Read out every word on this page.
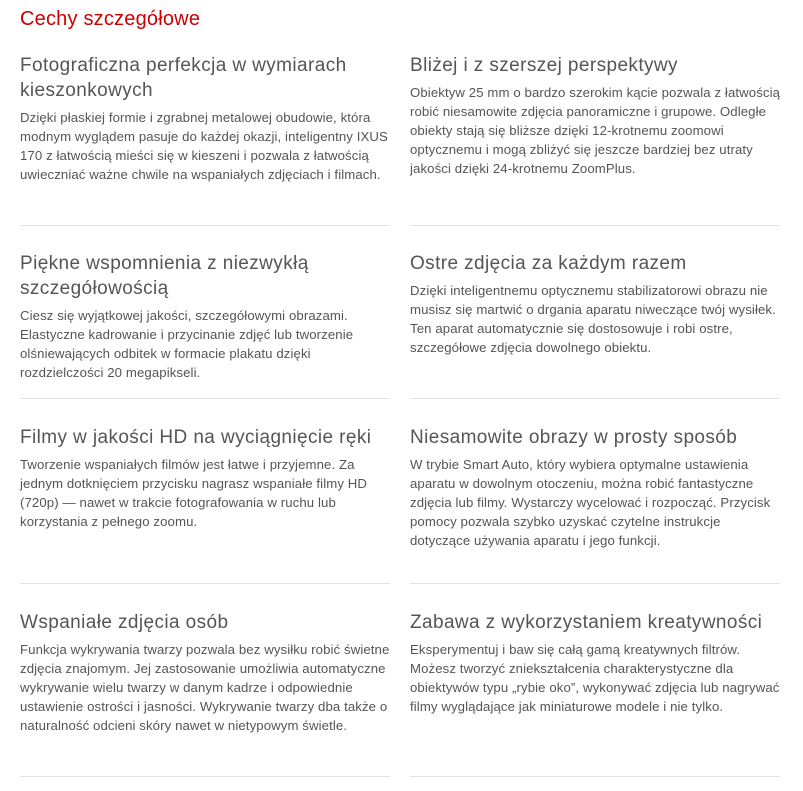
Cechy szczegółowe
Fotograficzna perfekcja w wymiarach kieszonkowych

Dzięki płaskiej formie i zgrabnej metalowej obudowie, która modnym wyglądem pasuje do każdej okazji, inteligentny IXUS 170 z łatwością mieści się w kieszeni i pozwala z łatwością uwieczniać ważne chwile na wspaniałych zdjęciach i filmach.

Bliżej i z szerszej perspektywy

Obiektyw 25 mm o bardzo szerokim kącie pozwala z łatwością robić niesamowite zdjęcia panoramiczne i grupowe. Odległe obiekty stają się bliższe dzięki 12-krotnemu zoomowi optycznemu i mogą zbliżyć się jeszcze bardziej bez utraty jakości dzięki 24-krotnemu ZoomPlus.

Piękne wspomnienia z niezwykłą szczegółowością

Ciesz się wyjątkowej jakości, szczegółowymi obrazami. Elastyczne kadrowanie i przycinanie zdjęć lub tworzenie olśniewających odbitek w formacie plakatu dzięki rozdzielczości 20 megapikseli.

Ostre zdjęcia za każdym razem

Dzięki inteligentnemu optycznemu stabilizatorowi obrazu nie musisz się martwić o drgania aparatu niweczące twój wysiłek. Ten aparat automatycznie się dostosowuje i robi ostre, szczegółowe zdjęcia dowolnego obiektu.

Filmy w jakości HD na wyciągnięcie ręki

Tworzenie wspaniałych filmów jest łatwe i przyjemne. Za jednym dotknięciem przycisku nagrasz wspaniałe filmy HD (720p) — nawet w trakcie fotografowania w ruchu lub korzystania z pełnego zoomu.

Niesamowite obrazy w prosty sposób

W trybie Smart Auto, który wybiera optymalne ustawienia aparatu w dowolnym otoczeniu, można robić fantastyczne zdjęcia lub filmy. Wystarczy wycelować i rozpocząć. Przycisk pomocy pozwala szybko uzyskać czytelne instrukcje dotyczące używania aparatu i jego funkcji.

Wspaniałe zdjęcia osób

Funkcja wykrywania twarzy pozwala bez wysiłku robić świetne zdjęcia znajomym. Jej zastosowanie umożliwia automatyczne wykrywanie wielu twarzy w danym kadrze i odpowiednie ustawienie ostrości i jasności. Wykrywanie twarzy dba także o naturalność odcieni skóry nawet w nietypowym świetle.

Zabawa z wykorzystaniem kreatywności

Eksperymentuj i baw się całą gamą kreatywnych filtrów. Możesz tworzyć zniekształcenia charakterystyczne dla obiektywów typu „rybie oko”, wykonywać zdjęcia lub nagrywać filmy wyglądające jak miniaturowe modele i nie tylko.
